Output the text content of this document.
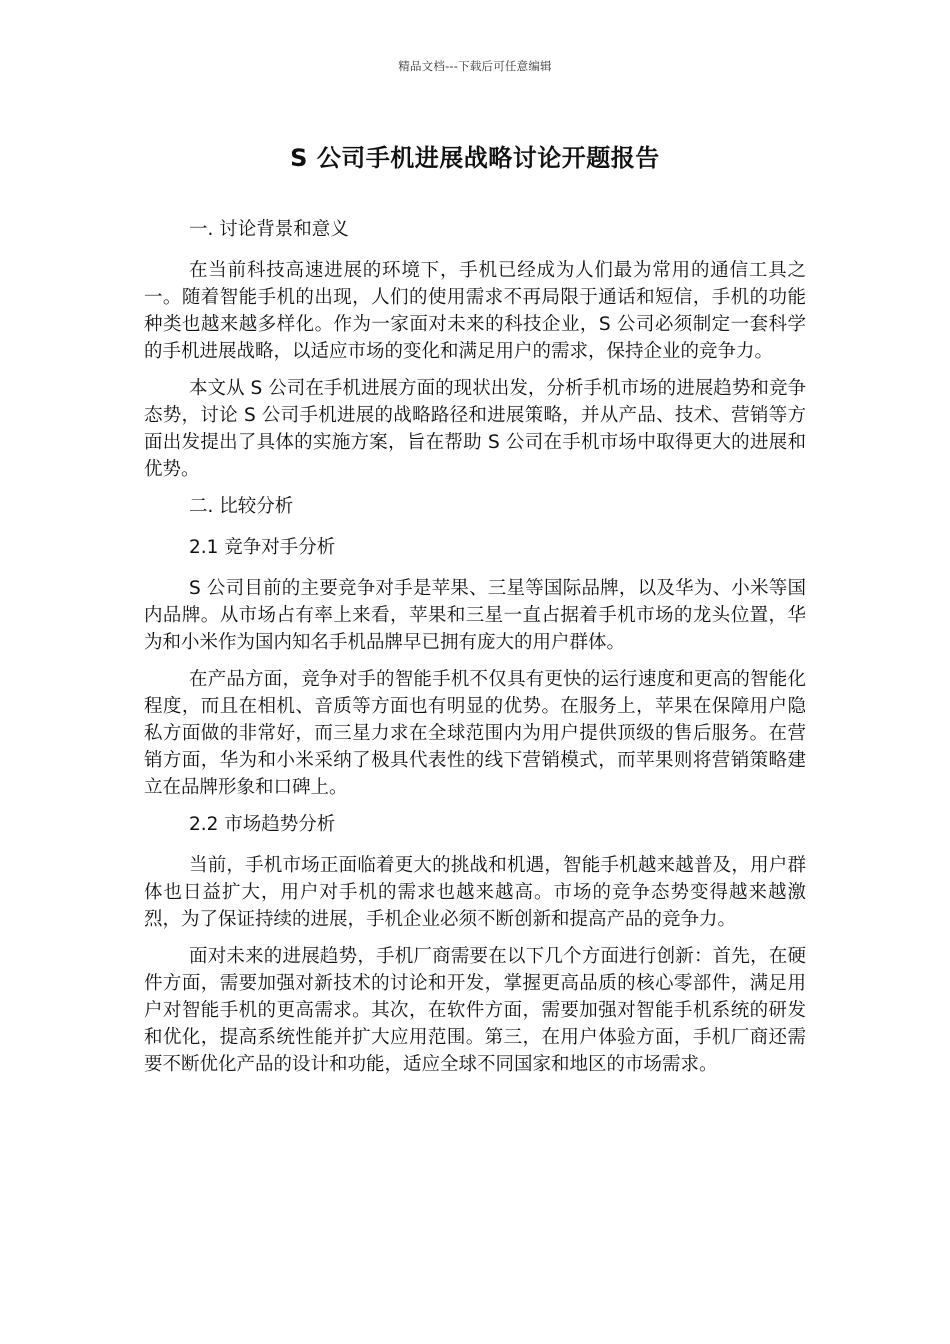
精品文档---下载后可任意编辑
S 公司手机进展战略讨论开题报告

一. 讨论背景和意义

在当前科技高速进展的环境下，手机已经成为人们最为常用的通信工具之一。随着智能手机的出现，人们的使用需求不再局限于通话和短信，手机的功能种类也越来越多样化。作为一家面对未来的科技企业，S 公司必须制定一套科学的手机进展战略，以适应市场的变化和满足用户的需求，保持企业的竞争力。

本文从 S 公司在手机进展方面的现状出发，分析手机市场的进展趋势和竞争态势，讨论 S 公司手机进展的战略路径和进展策略，并从产品、技术、营销等方面出发提出了具体的实施方案，旨在帮助 S 公司在手机市场中取得更大的进展和优势。

二. 比较分析

2.1 竞争对手分析

S 公司目前的主要竞争对手是苹果、三星等国际品牌，以及华为、小米等国内品牌。从市场占有率上来看，苹果和三星一直占据着手机市场的龙头位置，华为和小米作为国内知名手机品牌早已拥有庞大的用户群体。

在产品方面，竞争对手的智能手机不仅具有更快的运行速度和更高的智能化程度，而且在相机、音质等方面也有明显的优势。在服务上，苹果在保障用户隐私方面做的非常好，而三星力求在全球范围内为用户提供顶级的售后服务。在营销方面，华为和小米采纳了极具代表性的线下营销模式，而苹果则将营销策略建立在品牌形象和口碑上。

2.2 市场趋势分析

当前，手机市场正面临着更大的挑战和机遇，智能手机越来越普及，用户群体也日益扩大，用户对手机的需求也越来越高。市场的竞争态势变得越来越激烈，为了保证持续的进展，手机企业必须不断创新和提高产品的竞争力。

面对未来的进展趋势，手机厂商需要在以下几个方面进行创新：首先，在硬件方面，需要加强对新技术的讨论和开发，掌握更高品质的核心零部件，满足用户对智能手机的更高需求。其次，在软件方面，需要加强对智能手机系统的研发和优化，提高系统性能并扩大应用范围。第三，在用户体验方面，手机厂商还需要不断优化产品的设计和功能，适应全球不同国家和地区的市场需求。
